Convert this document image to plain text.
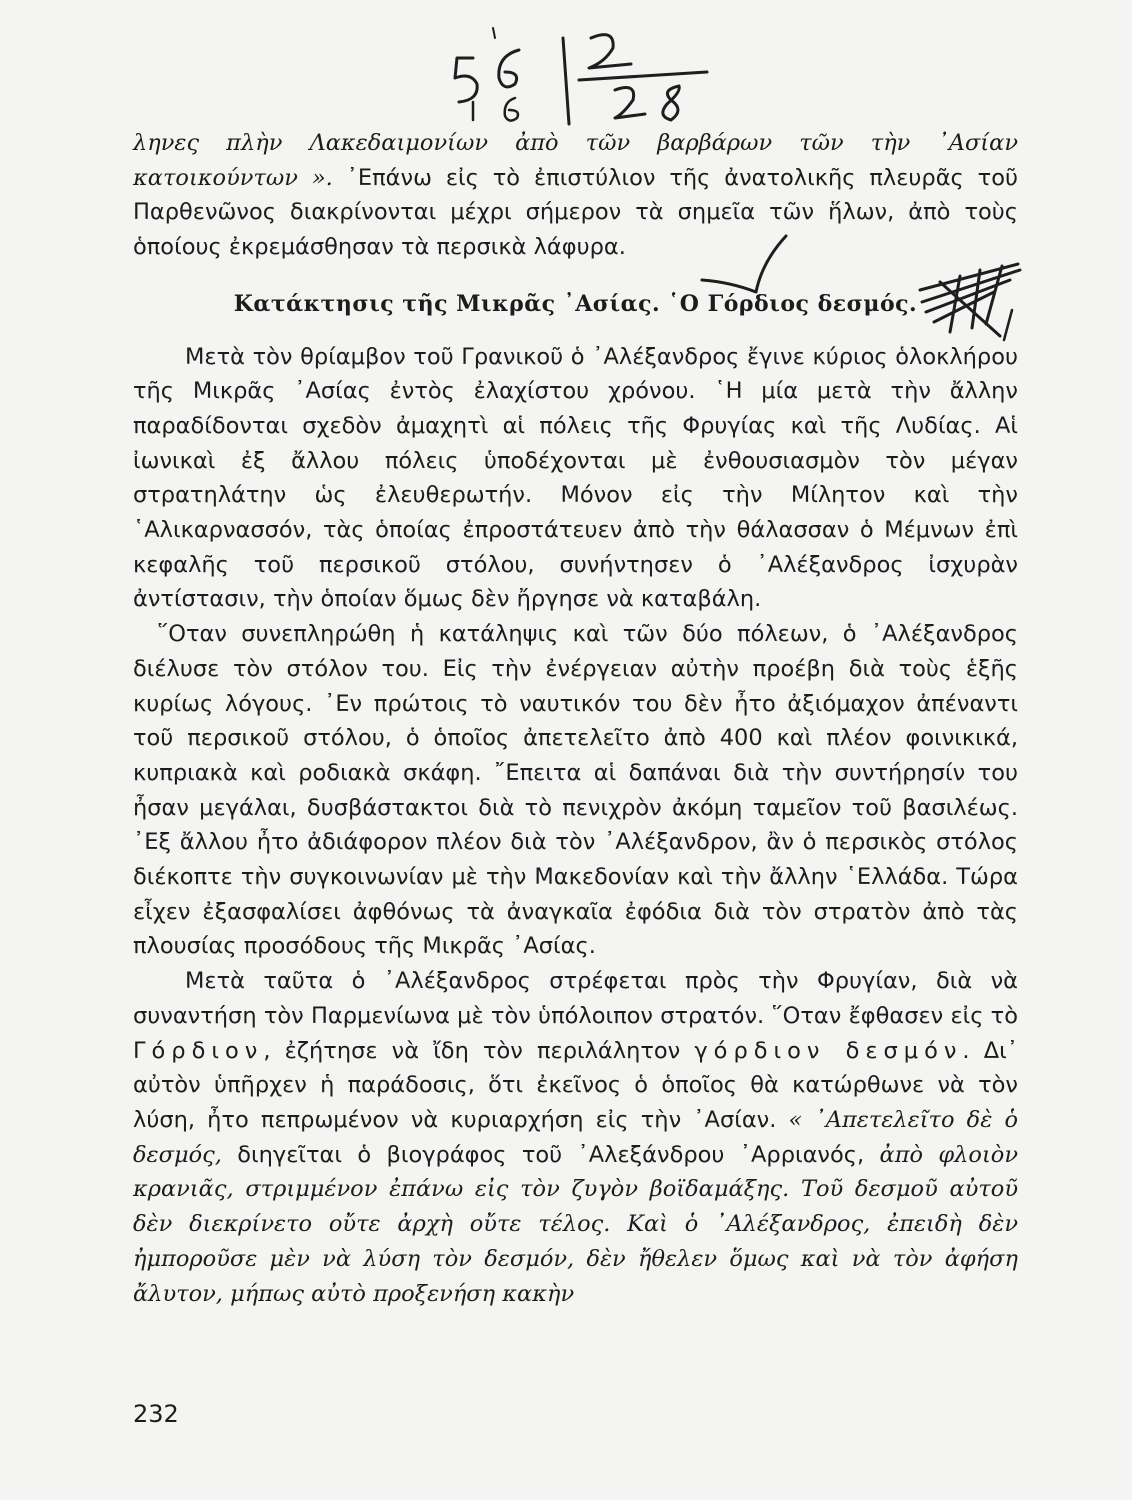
ληνες πλὴν Λακεδαιμονίων ἀπὸ τῶν βαρβάρων τῶν τὴν ᾿Ασίαν κατοικούντων ». ᾿Επάνω εἰς τὸ ἐπιστύλιον τῆς ἀνατολικῆς πλευρᾶς τοῦ Παρθενῶνος διακρίνονται μέχρι σήμερον τὰ σημεῖα τῶν ἥλων, ἀπὸ τοὺς ὁποίους ἐκρεμάσθησαν τὰ περσικὰ λάφυρα.

Κατάκτησις τῆς Μικρᾶς ᾿Ασίας. ῾Ο Γόρδιος δεσμός.

Μετὰ τὸν θρίαμβον τοῦ Γρανικοῦ ὁ ᾿Αλέξανδρος ἔγινε κύριος ὁλοκλήρου τῆς Μικρᾶς ᾿Ασίας ἐντὸς ἐλαχίστου χρόνου. ῾Η μία μετὰ τὴν ἄλλην παραδίδονται σχεδὸν ἀμαχητὶ αἱ πόλεις τῆς Φρυγίας καὶ τῆς Λυδίας. Αἱ ἰωνικαὶ ἐξ ἄλλου πόλεις ὑποδέχονται μὲ ἐνθουσιασμὸν τὸν μέγαν στρατηλάτην ὡς ἐλευθερωτήν. Μόνον εἰς τὴν Μίλητον καὶ τὴν ῾Αλικαρνασσόν, τὰς ὁποίας ἐπροστάτευεν ἀπὸ τὴν θάλασσαν ὁ Μέμνων ἐπὶ κεφαλῆς τοῦ περσικοῦ στόλου, συνήντησεν ὁ ᾿Αλέξανδρος ἰσχυρὰν ἀντίστασιν, τὴν ὁποίαν ὅμως δὲν ἤργησε νὰ καταβάλη.

῞Οταν συνεπληρώθη ἡ κατάληψις καὶ τῶν δύο πόλεων, ὁ ᾿Αλέξανδρος διέλυσε τὸν στόλον του. Εἰς τὴν ἐνέργειαν αὐτὴν προέβη διὰ τοὺς ἑξῆς κυρίως λόγους. ᾿Εν πρώτοις τὸ ναυτικόν του δὲν ἦτο ἀξιόμαχον ἀπέναντι τοῦ περσικοῦ στόλου, ὁ ὁποῖος ἀπετελεῖτο ἀπὸ 400 καὶ πλέον φοινικικά, κυπριακὰ καὶ ροδιακὰ σκάφη. ῎Επειτα αἱ δαπάναι διὰ τὴν συντήρησίν του ἦσαν μεγάλαι, δυσβάστακτοι διὰ τὸ πενιχρὸν ἀκόμη ταμεῖον τοῦ βασιλέως. ᾿Εξ ἄλλου ἦτο ἀδιάφορον πλέον διὰ τὸν ᾿Αλέξανδρον, ἂν ὁ περσικὸς στόλος διέκοπτε τὴν συγκοινωνίαν μὲ τὴν Μακεδονίαν καὶ τὴν ἄλλην ῾Ελλάδα. Τώρα εἶχεν ἐξασφαλίσει ἀφθόνως τὰ ἀναγκαῖα ἐφόδια διὰ τὸν στρατὸν ἀπὸ τὰς πλουσίας προσόδους τῆς Μικρᾶς ᾿Ασίας.

Μετὰ ταῦτα ὁ ᾿Αλέξανδρος στρέφεται πρὸς τὴν Φρυγίαν, διὰ νὰ συναντήση τὸν Παρμενίωνα μὲ τὸν ὑπόλοιπον στρατόν. ῞Οταν ἔφθασεν εἰς τὸ Γόρδιον, ἐζήτησε νὰ ἴδη τὸν περιλάλητον γόρδιον δεσμόν. Δι᾿ αὐτὸν ὑπῆρχεν ἡ παράδοσις, ὅτι ἐκεῖνος ὁ ὁποῖος θὰ κατώρθωνε νὰ τὸν λύση, ἦτο πεπρωμένον νὰ κυριαρχήση εἰς τὴν ᾿Ασίαν. « ᾿Απετελεῖτο δὲ ὁ δεσμός, διηγεῖται ὁ βιογράφος τοῦ ᾿Αλεξάνδρου ᾿Αρριανός, ἀπὸ φλοιὸν κρανιᾶς, στριμμένον ἐπάνω εἰς τὸν ζυγὸν βοϊδαμάξης. Τοῦ δεσμοῦ αὐτοῦ δὲν διεκρίνετο οὔτε ἀρχὴ οὔτε τέλος. Καὶ ὁ ᾿Αλέξανδρος, ἐπειδὴ δὲν ἠμποροῦσε μὲν νὰ λύση τὸν δεσμόν, δὲν ἤθελεν ὅμως καὶ νὰ τὸν ἀφήση ἄλυτον, μήπως αὐτὸ προξενήση κακὴν

232
